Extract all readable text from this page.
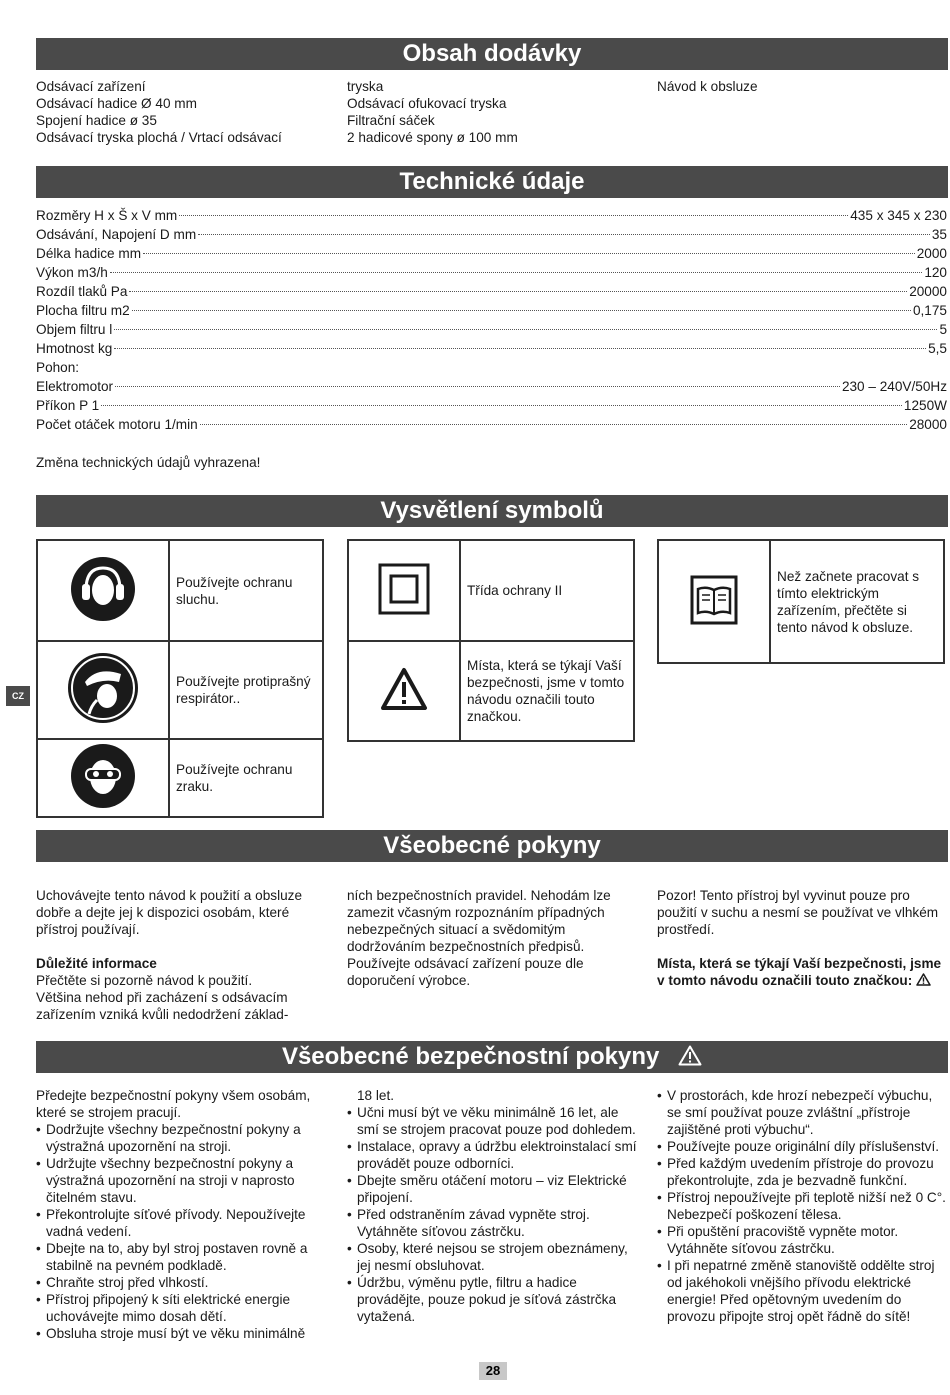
Obsah dodávky

Odsávací zařízení

Odsávací hadice Ø 40 mm

Spojení hadice ø 35

Odsávací tryska plochá / Vrtací odsávací

tryska

Odsávací ofukovací tryska

Filtrační sáček

2 hadicové spony ø 100 mm

Návod k obsluze

Technické údaje
Rozměry H x Š x V mm	435 x 345 x 230
Odsávání, Napojení D mm	35
Délka hadice mm	2000
Výkon m3/h	120
Rozdíl tlaků Pa	20000
Plocha filtru m2	0,175
Objem filtru l	5
Hmotnost kg	5,5
Pohon:
Elektromotor	230 – 240V/50Hz
Příkon P 1	1250W
Počet otáček motoru 1/min	28000
Změna technických údajů vyhrazena!
Vysvětlení symbolů
	Používejte ochranu sluchu.
	Používejte protiprašný respirátor..
	Používejte ochranu zraku.
	Třída ochrany II
	Místa, která se týkají Vaší bezpečnosti, jsme v tomto návodu označili touto značkou.
	Než začnete pracovat s tímto elektrickým zařízením, přečtěte si tento návod k obsluze.
CZ
Všeobecné pokyny

Uchovávejte tento návod k použití a obsluze dobře a dejte jej k dispozici osobám, které přístroj používají.

Důležité informace

Přečtěte si pozorně návod k použití.

Většina nehod při zacházení s odsávacím zařízením vzniká kvůli nedodržení základ-

ních bezpečnostních pravidel. Nehodám lze zamezit včasným rozpoznáním případných nebezpečných situací a svědomitým dodržováním bezpečnostních předpisů.

Používejte odsávací zařízení pouze dle doporučení výrobce.

Pozor! Tento přístroj byl vyvinut pouze pro použití v suchu a nesmí se používat ve vlhkém prostředí.

Místa, která se týkají Vaší bezpečnosti, jsme v tomto návodu označili touto značkou:

Všeobecné bezpečnostní pokyny

Předejte bezpečnostní pokyny všem osobám, které se strojem pracují.

• Dodržujte všechny bezpečnostní pokyny a výstražná upozornění na stroji.
• Udržujte všechny bezpečnostní pokyny a výstražná upozornění na stroji v naprosto čitelném stavu.
• Překontrolujte síťové přívody. Nepoužívejte vadná vedení.
• Dbejte na to, aby byl stroj postaven rovně a stabilně na pevném podkladě.
• Chraňte stroj před vlhkostí.
• Přístroj připojený k síti elektrické energie uchovávejte mimo dosah dětí.
• Obsluha stroje musí být ve věku minimálně

18 let.

• Učni musí být ve věku minimálně 16 let, ale smí se strojem pracovat pouze pod dohledem.
• Instalace, opravy a údržbu elektroinstalací smí provádět pouze odborníci.
• Dbejte směru otáčení motoru – viz Elektrické připojení.
• Před odstraněním závad vypněte stroj. Vytáhněte síťovou zástrčku.
• Osoby, které nejsou se strojem obeznámeny, jej nesmí obsluhovat.
• Údržbu, výměnu pytle, filtru a hadice provádějte, pouze pokud je síťová zástrčka vytažená.
• V prostorách, kde hrozí nebezpečí výbuchu, se smí používat pouze zvláštní „přístroje zajištěné proti výbuchu“.
• Používejte pouze originální díly příslušenství.
• Před každým uvedením přístroje do provozu překontrolujte, zda je bezvadně funkční.
• Přístroj nepoužívejte při teplotě nižší než 0 C°. Nebezpečí poškození tělesa.
• Při opuštění pracoviště vypněte motor. Vytáhněte síťovou zástrčku.
• I při nepatrné změně stanoviště oddělte stroj od jakéhokoli vnějšího přívodu elektrické energie! Před opětovným uvedením do provozu připojte stroj opět řádně do sítě!
28
